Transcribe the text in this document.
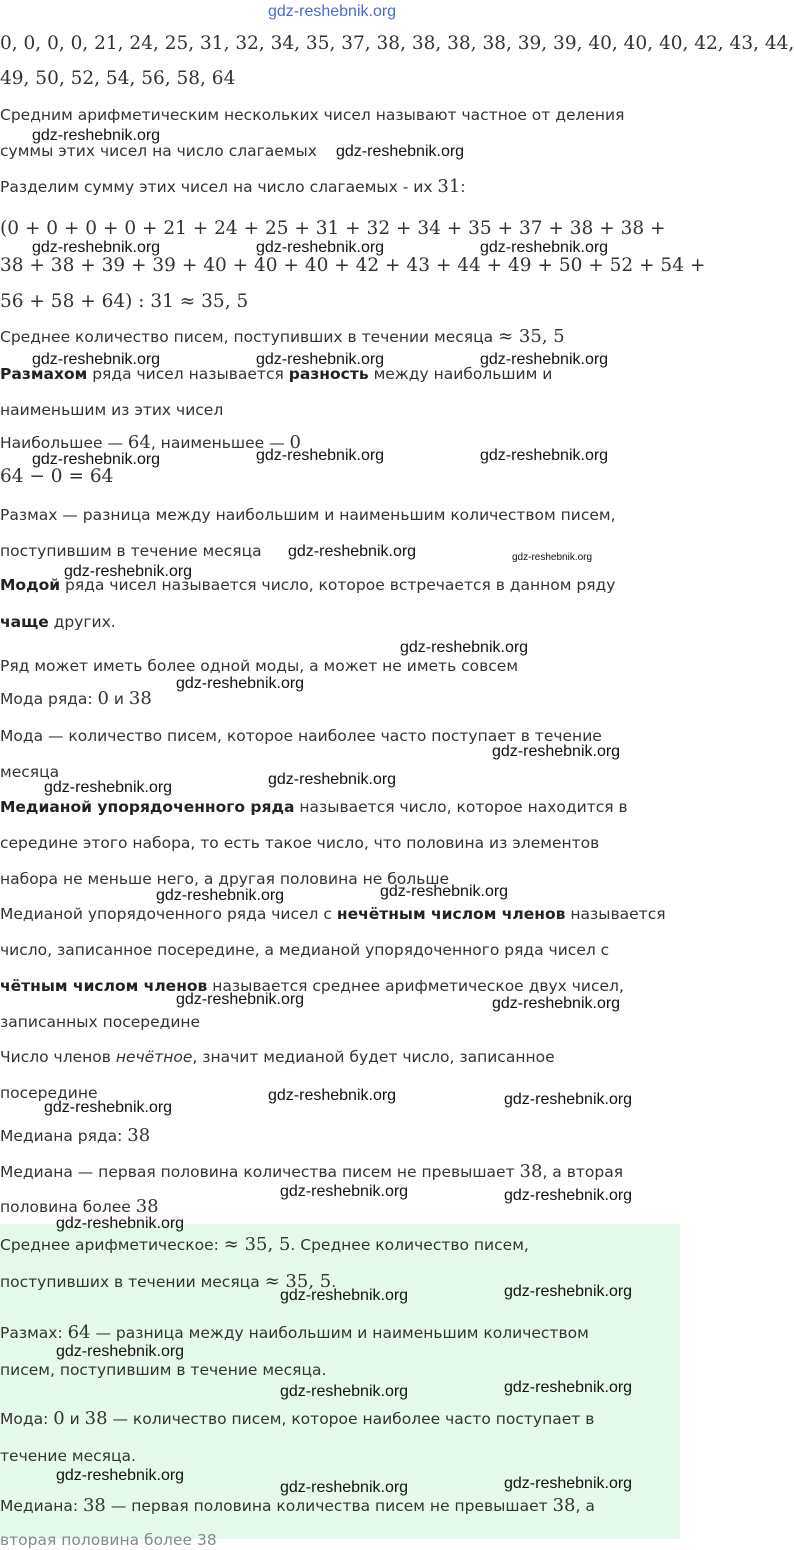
gdz-reshebnik.org
0, 0, 0, 0, 21, 24, 25, 31, 32, 34, 35, 37, 38, 38, 38, 38, 39, 39, 40, 40, 40, 42, 43, 44,
49, 50, 52, 54, 56, 58, 64
Средним арифметическим нескольких чисел называют частное от деления
суммы этих чисел на число слагаемых
Разделим сумму этих чисел на число слагаемых - их 31:
(0 + 0 + 0 + 0 + 21 + 24 + 25 + 31 + 32 + 34 + 35 + 37 + 38 + 38 +
38 + 38 + 39 + 39 + 40 + 40 + 40 + 42 + 43 + 44 + 49 + 50 + 52 + 54 +
56 + 58 + 64) : 31 ≈ 35, 5
Среднее количество писем, поступивших в течении месяца ≈ 35, 5
Размахом ряда чисел называется разность между наибольшим и
наименьшим из этих чисел
Наибольшее — 64, наименьшее — 0
64 − 0 = 64
Размах — разница между наибольшим и наименьшим количеством писем,
поступившим в течение месяца
Модой ряда чисел называется число, которое встречается в данном ряду
чаще других.
Ряд может иметь более одной моды, а может не иметь совсем
Мода ряда: 0 и 38
Мода — количество писем, которое наиболее часто поступает в течение
месяца
Медианой упорядоченного ряда называется число, которое находится в
середине этого набора, то есть такое число, что половина из элементов
набора не меньше него, а другая половина не больше
Медианой упорядоченного ряда чисел с нечётным числом членов называется
число, записанное посередине, а медианой упорядоченного ряда чисел с
чётным числом членов называется среднее арифметическое двух чисел,
записанных посередине
Число членов нечётное, значит медианой будет число, записанное
посередине
Медиана ряда: 38
Медиана — первая половина количества писем не превышает 38, а вторая
половина более 38
Среднее арифметическое: ≈ 35, 5. Среднее количество писем,
поступивших в течении месяца ≈ 35, 5.
Размах: 64 — разница между наибольшим и наименьшим количеством
писем, поступившим в течение месяца.
Мода: 0 и 38 — количество писем, которое наиболее часто поступает в
течение месяца.
Медиана: 38 — первая половина количества писем не превышает 38, а
вторая половина более 38
gdz-reshebnik.org
gdz-reshebnik.org
gdz-reshebnik.org	gdz-reshebnik.org	gdz-reshebnik.org
gdz-reshebnik.org	gdz-reshebnik.org	gdz-reshebnik.org
gdz-reshebnik.org	gdz-reshebnik.org	gdz-reshebnik.org
gdz-reshebnik.org	gdz-reshebnik.org
gdz-reshebnik.org
gdz-reshebnik.org
gdz-reshebnik.org
gdz-reshebnik.org
gdz-reshebnik.org
gdz-reshebnik.org
gdz-reshebnik.org
gdz-reshebnik.org
gdz-reshebnik.org	gdz-reshebnik.org
gdz-reshebnik.org	gdz-reshebnik.org
gdz-reshebnik.org
gdz-reshebnik.org	gdz-reshebnik.org
gdz-reshebnik.org
gdz-reshebnik.org
gdz-reshebnik.org
gdz-reshebnik.org
gdz-reshebnik.org
gdz-reshebnik.org
gdz-reshebnik.org	gdz-reshebnik.org
gdz-reshebnik.org
